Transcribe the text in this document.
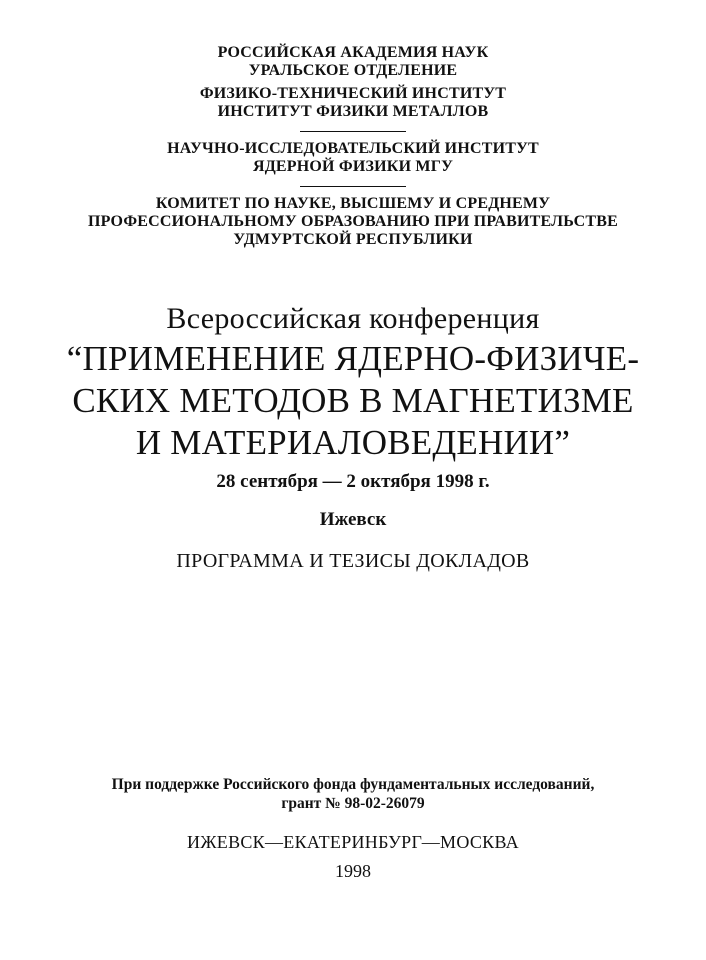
РОССИЙСКАЯ АКАДЕМИЯ НАУК
УРАЛЬСКОЕ ОТДЕЛЕНИЕ
ФИЗИКО-ТЕХНИЧЕСКИЙ ИНСТИТУТ
ИНСТИТУТ ФИЗИКИ МЕТАЛЛОВ
НАУЧНО-ИССЛЕДОВАТЕЛЬСКИЙ ИНСТИТУТ
ЯДЕРНОЙ ФИЗИКИ МГУ
КОМИТЕТ ПО НАУКЕ, ВЫСШЕМУ И СРЕДНЕМУ
ПРОФЕССИОНАЛЬНОМУ ОБРАЗОВАНИЮ ПРИ ПРАВИТЕЛЬСТВЕ
УДМУРТСКОЙ РЕСПУБЛИКИ
Всероссийская конференция
“ПРИМЕНЕНИЕ ЯДЕРНО-ФИЗИЧЕ-
СКИХ МЕТОДОВ В МАГНЕТИЗМЕ
И МАТЕРИАЛОВЕДЕНИИ”
28 сентября — 2 октября 1998 г.
Ижевск
ПРОГРАММА И ТЕЗИСЫ ДОКЛАДОВ
При поддержке Российского фонда фундаментальных исследований,
грант № 98-02-26079
ИЖЕВСК—ЕКАТЕРИНБУРГ—МОСКВА
1998
